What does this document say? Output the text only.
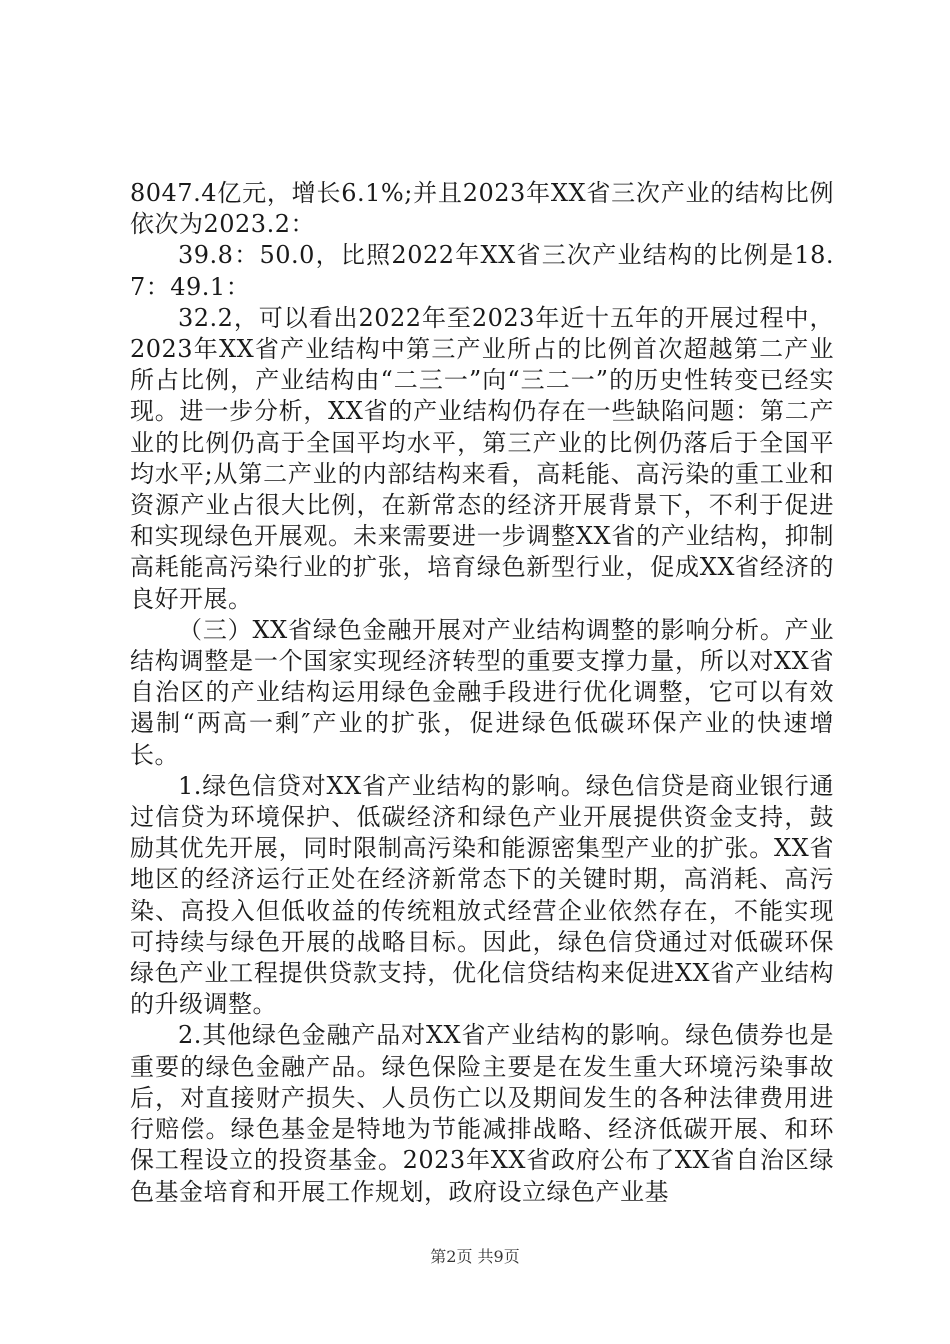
8047.4亿元，增长6.1%;并且2023年XX省三次产业的结构比例依次为2023.2：

39.8：50.0，比照2022年XX省三次产业结构的比例是18.7：49.1：

32.2，可以看出2022年至2023年近十五年的开展过程中，2023年XX省产业结构中第三产业所占的比例首次超越第二产业所占比例，产业结构由“二三一”向“三二一”的历史性转变已经实现。进一步分析，XX省的产业结构仍存在一些缺陷问题：第二产业的比例仍高于全国平均水平，第三产业的比例仍落后于全国平均水平;从第二产业的内部结构来看，高耗能、高污染的重工业和资源产业占很大比例，在新常态的经济开展背景下，不利于促进和实现绿色开展观。未来需要进一步调整XX省的产业结构，抑制高耗能高污染行业的扩张，培育绿色新型行业，促成XX省经济的良好开展。

（三）XX省绿色金融开展对产业结构调整的影响分析。产业结构调整是一个国家实现经济转型的重要支撑力量，所以对XX省自治区的产业结构运用绿色金融手段进行优化调整，它可以有效遏制“两高一剩″产业的扩张，促进绿色低碳环保产业的快速增长。

1.绿色信贷对XX省产业结构的影响。绿色信贷是商业银行通过信贷为环境保护、低碳经济和绿色产业开展提供资金支持，鼓励其优先开展，同时限制高污染和能源密集型产业的扩张。XX省地区的经济运行正处在经济新常态下的关键时期，高消耗、高污染、高投入但低收益的传统粗放式经营企业依然存在，不能实现可持续与绿色开展的战略目标。因此，绿色信贷通过对低碳环保绿色产业工程提供贷款支持，优化信贷结构来促进XX省产业结构的升级调整。

2.其他绿色金融产品对XX省产业结构的影响。绿色债券也是重要的绿色金融产品。绿色保险主要是在发生重大环境污染事故后，对直接财产损失、人员伤亡以及期间发生的各种法律费用进行赔偿。绿色基金是特地为节能减排战略、经济低碳开展、和环保工程设立的投资基金。2023年XX省政府公布了XX省自治区绿色基金培育和开展工作规划，政府设立绿色产业基

第2页 共9页
